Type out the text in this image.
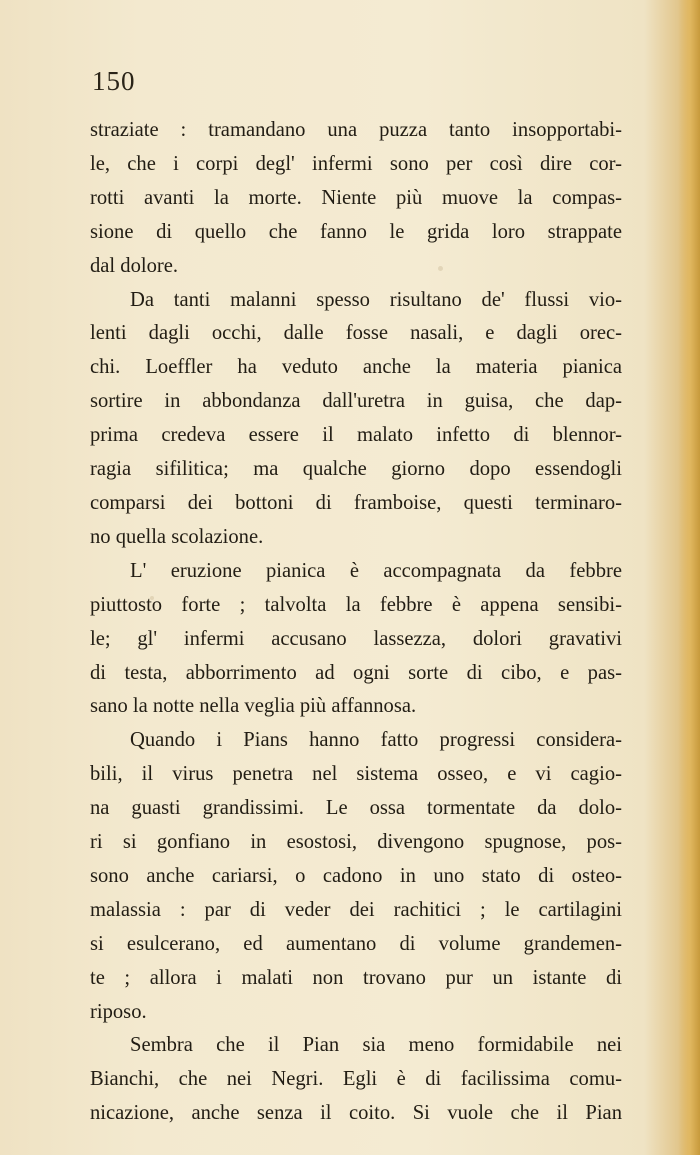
150
straziate : tramandano una puzza tanto insopportabi-
le, che i corpi degl' infermi sono per così dire cor-
rotti avanti la morte. Niente più muove la compas-
sione di quello che fanno le grida loro strappate
dal dolore.
Da tanti malanni spesso risultano de' flussi vio-
lenti dagli occhi, dalle fosse nasali, e dagli orec-
chi. Loeffler ha veduto anche la materia pianica
sortire in abbondanza dall'uretra in guisa, che dap-
prima credeva essere il malato infetto di blennor-
ragia sifilitica; ma qualche giorno dopo essendogli
comparsi dei bottoni di framboise, questi terminaro-
no quella scolazione.
L' eruzione pianica è accompagnata da febbre
piuttosto forte ; talvolta la febbre è appena sensibi-
le; gl' infermi accusano lassezza, dolori gravativi
di testa, abborrimento ad ogni sorte di cibo, e pas-
sano la notte nella veglia più affannosa.
Quando i Pians hanno fatto progressi considera-
bili, il virus penetra nel sistema osseo, e vi cagio-
na guasti grandissimi. Le ossa tormentate da dolo-
ri si gonfiano in esostosi, divengono spugnose, pos-
sono anche cariarsi, o cadono in uno stato di osteo-
malassia : par di veder dei rachitici ; le cartilagini
si esulcerano, ed aumentano di volume grandemen-
te ; allora i malati non trovano pur un istante di
riposo.
Sembra che il Pian sia meno formidabile nei
Bianchi, che nei Negri. Egli è di facilissima comu-
nicazione, anche senza il coito. Si vuole che il Pian
